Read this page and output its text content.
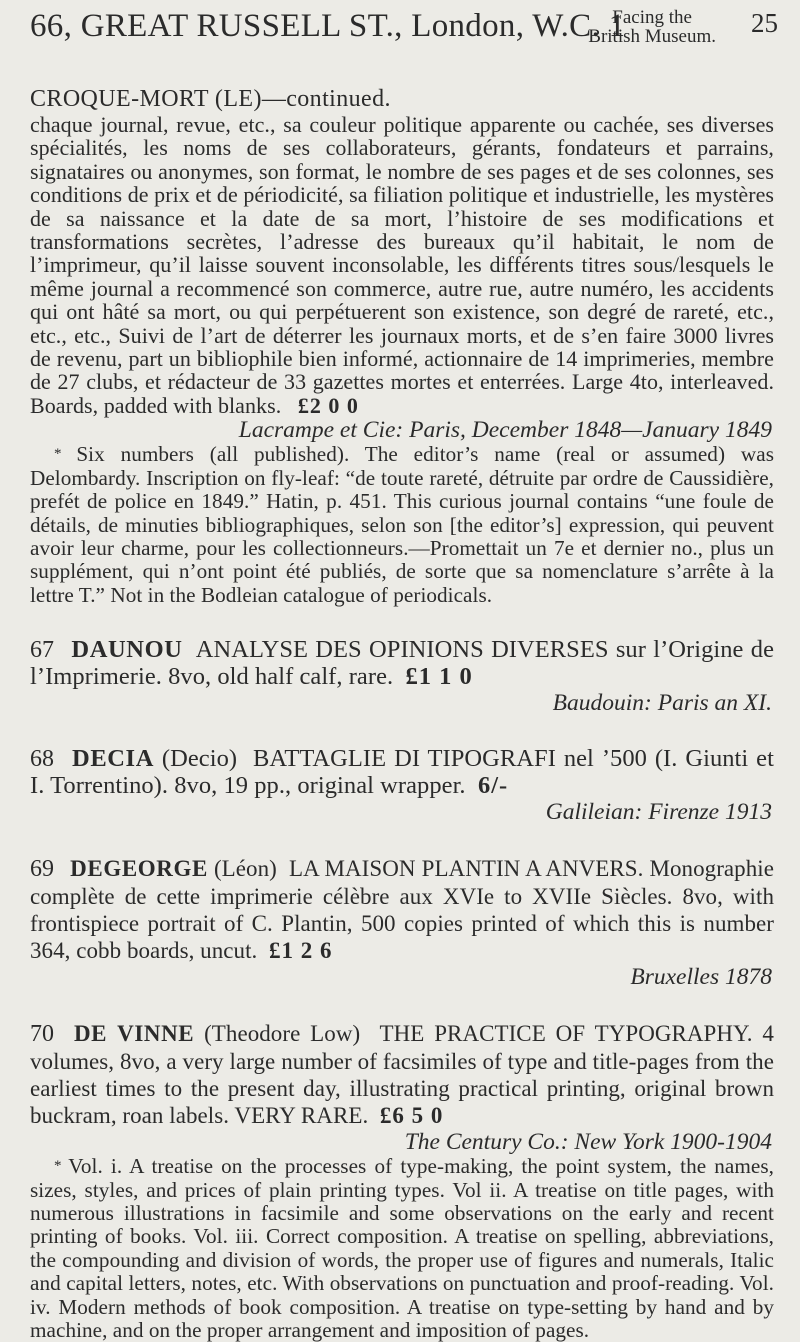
66, GREAT RUSSELL ST., London, W.C. 1
Facing the
British Museum. 25
CROQUE-MORT (LE)—continued.

chaque journal, revue, etc., sa couleur politique apparente ou cachée, ses diverses spécialités, les noms de ses collaborateurs, gérants, fondateurs et parrains, signataires ou anonymes, son format, le nombre de ses pages et de ses colonnes, ses conditions de prix et de périodicité, sa filiation politique et industrielle, les mystères de sa naissance et la date de sa mort, l’histoire de ses modifications et transformations secrètes, l’adresse des bureaux qu’il habitait, le nom de l’imprimeur, qu’il laisse souvent inconsolable, les différents titres sous/lesquels le même journal a recommencé son commerce, autre rue, autre numéro, les accidents qui ont hâté sa mort, ou qui perpétuerent son existence, son degré de rareté, etc., etc., etc., Suivi de l’art de déterrer les journaux morts, et de s’en faire 3000 livres de revenu, part un bibliophile bien informé, actionnaire de 14 imprimeries, membre de 27 clubs, et rédacteur de 33 gazettes mortes et enterrées. Large 4to, interleaved. Boards, padded with blanks. £2 0 0

Lacrampe et Cie: Paris, December 1848—January 1849

* Six numbers (all published). The editor’s name (real or assumed) was Delombardy. Inscription on fly-leaf: “de toute rareté, détruite par ordre de Caussidière, prefét de police en 1849.” Hatin, p. 451. This curious journal contains “une foule de détails, de minuties bibliographiques, selon son [the editor’s] expression, qui peuvent avoir leur charme, pour les collectionneurs.—Promettait un 7e et dernier no., plus un supplément, qui n’ont point été publiés, de sorte que sa nomenclature s’arrête à la lettre T.” Not in the Bodleian catalogue of periodicals.

67 DAUNOU ANALYSE DES OPINIONS DIVERSES sur l’Origine de l’Imprimerie. 8vo, old half calf, rare. £1 1 0

Baudouin: Paris an XI.

68 DECIA (Decio) BATTAGLIE DI TIPOGRAFI nel ’500 (I. Giunti et I. Torrentino). 8vo, 19 pp., original wrapper. 6/-

Galileian: Firenze 1913

69 DEGEORGE (Léon) LA MAISON PLANTIN A ANVERS. Monographie complète de cette imprimerie célèbre aux XVIe to XVIIe Siècles. 8vo, with frontispiece portrait of C. Plantin, 500 copies printed of which this is number 364, cobb boards, uncut. £1 2 6

Bruxelles 1878

70 DE VINNE (Theodore Low) THE PRACTICE OF TYPOGRAPHY. 4 volumes, 8vo, a very large number of facsimiles of type and title-pages from the earliest times to the present day, illustrating practical printing, original brown buckram, roan labels. VERY RARE. £6 5 0

The Century Co.: New York 1900-1904

* Vol. i. A treatise on the processes of type-making, the point system, the names, sizes, styles, and prices of plain printing types. Vol ii. A treatise on title pages, with numerous illustrations in facsimile and some observations on the early and recent printing of books. Vol. iii. Correct composition. A treatise on spelling, abbreviations, the compounding and division of words, the proper use of figures and numerals, Italic and capital letters, notes, etc. With observations on punctuation and proof-reading. Vol. iv. Modern methods of book composition. A treatise on type-setting by hand and by machine, and on the proper arrangement and imposition of pages.
